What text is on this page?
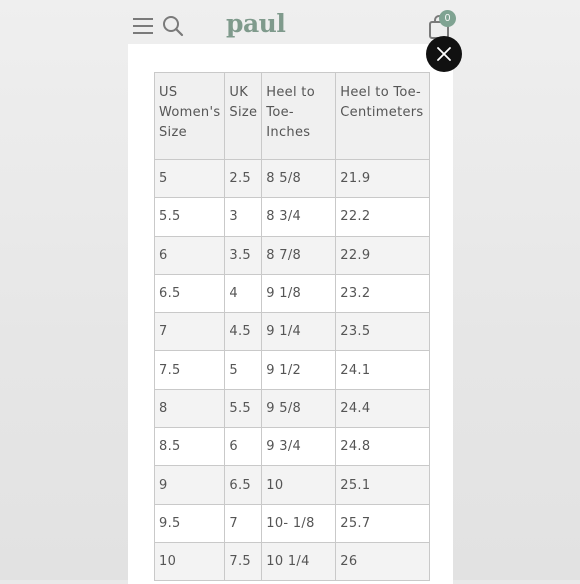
paul	0
US Women's Size	UK Size	Heel to Toe- Inches	Heel to Toe- Centimeters
5	2.5	8 5/8	21.9
5.5	3	8 3/4	22.2
6	3.5	8 7/8	22.9
6.5	4	9 1/8	23.2
7	4.5	9 1/4	23.5
7.5	5	9 1/2	24.1
8	5.5	9 5/8	24.4
8.5	6	9 3/4	24.8
9	6.5	10	25.1
9.5	7	10- 1/8	25.7
10	7.5	10 1/4	26
